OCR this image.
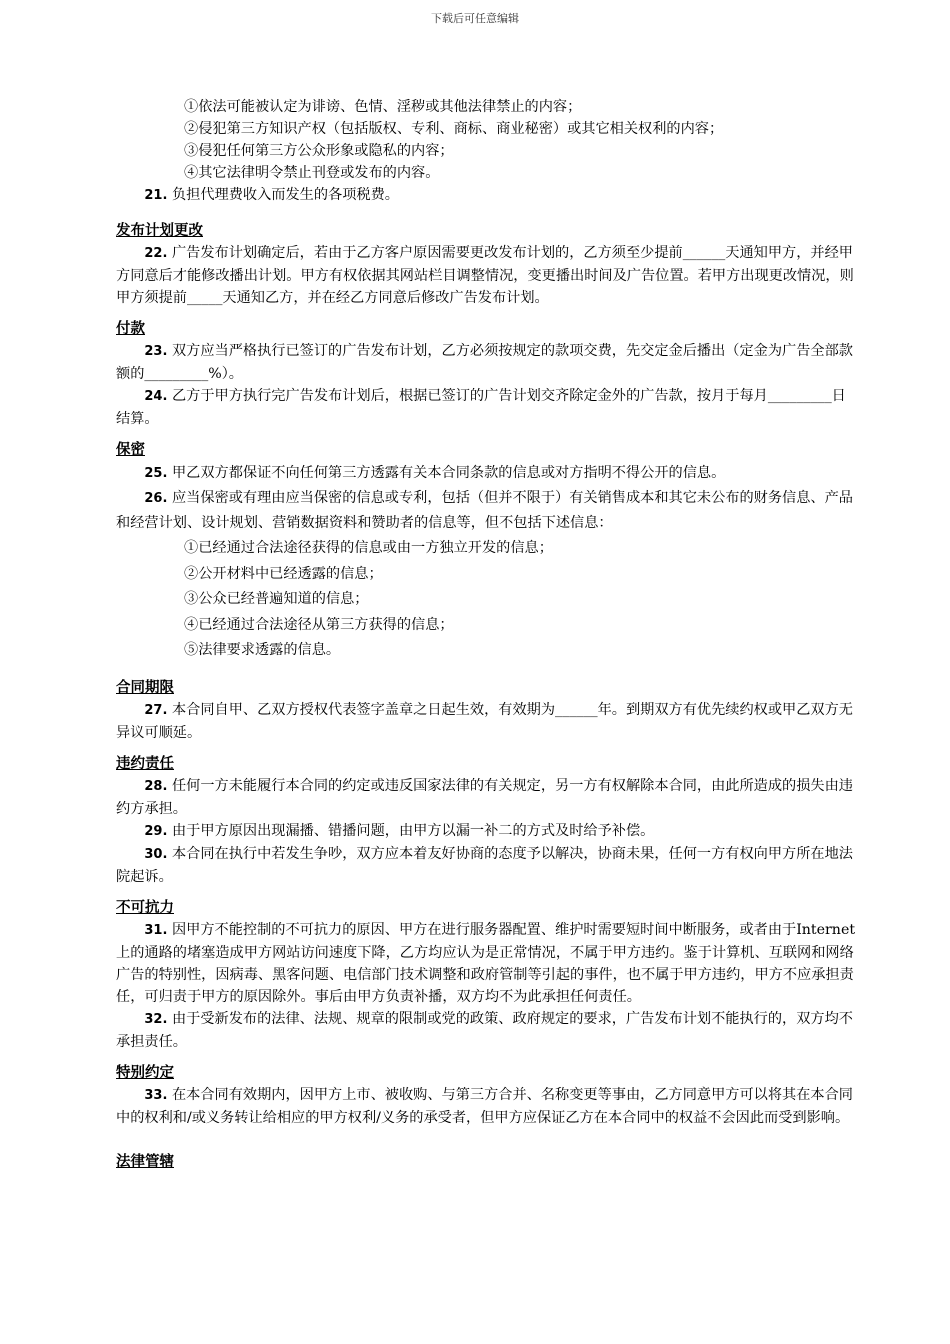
下载后可任意编辑

①依法可能被认定为诽谤、色情、淫秽或其他法律禁止的内容；

②侵犯第三方知识产权（包括版权、专利、商标、商业秘密）或其它相关权利的内容；

③侵犯任何第三方公众形象或隐私的内容；

④其它法律明令禁止刊登或发布的内容。

21. 负担代理费收入而发生的各项税费。

发布计划更改

22. 广告发布计划确定后，若由于乙方客户原因需要更改发布计划的，乙方须至少提前______天通知甲方，并经甲方同意后才能修改播出计划。甲方有权依据其网站栏目调整情况，变更播出时间及广告位置。若甲方出现更改情况，则甲方须提前_____天通知乙方，并在经乙方同意后修改广告发布计划。

付款

23. 双方应当严格执行已签订的广告发布计划，乙方必须按规定的款项交费，先交定金后播出（定金为广告全部款额的_________%）。

24. 乙方于甲方执行完广告发布计划后，根据已签订的广告计划交齐除定金外的广告款，按月于每月_________日结算。

保密

25. 甲乙双方都保证不向任何第三方透露有关本合同条款的信息或对方指明不得公开的信息。

26. 应当保密或有理由应当保密的信息或专利，包括（但并不限于）有关销售成本和其它未公布的财务信息、产品和经营计划、设计规划、营销数据资料和赞助者的信息等，但不包括下述信息：

①已经通过合法途径获得的信息或由一方独立开发的信息；

②公开材料中已经透露的信息；

③公众已经普遍知道的信息；

④已经通过合法途径从第三方获得的信息；

⑤法律要求透露的信息。

合同期限

27. 本合同自甲、乙双方授权代表签字盖章之日起生效，有效期为______年。到期双方有优先续约权或甲乙双方无异议可顺延。

违约责任

28. 任何一方未能履行本合同的约定或违反国家法律的有关规定，另一方有权解除本合同，由此所造成的损失由违约方承担。

29. 由于甲方原因出现漏播、错播问题，由甲方以漏一补二的方式及时给予补偿。

30. 本合同在执行中若发生争吵，双方应本着友好协商的态度予以解决，协商未果，任何一方有权向甲方所在地法院起诉。

不可抗力

31. 因甲方不能控制的不可抗力的原因、甲方在进行服务器配置、维护时需要短时间中断服务，或者由于Internet上的通路的堵塞造成甲方网站访问速度下降，乙方均应认为是正常情况，不属于甲方违约。鉴于计算机、互联网和网络广告的特别性，因病毒、黑客问题、电信部门技术调整和政府管制等引起的事件，也不属于甲方违约，甲方不应承担责任，可归责于甲方的原因除外。事后由甲方负责补播，双方均不为此承担任何责任。

32. 由于受新发布的法律、法规、规章的限制或党的政策、政府规定的要求，广告发布计划不能执行的，双方均不承担责任。

特别约定

33. 在本合同有效期内，因甲方上市、被收购、与第三方合并、名称变更等事由，乙方同意甲方可以将其在本合同中的权利和/或义务转让给相应的甲方权利/义务的承受者，但甲方应保证乙方在本合同中的权益不会因此而受到影响。

法律管辖
